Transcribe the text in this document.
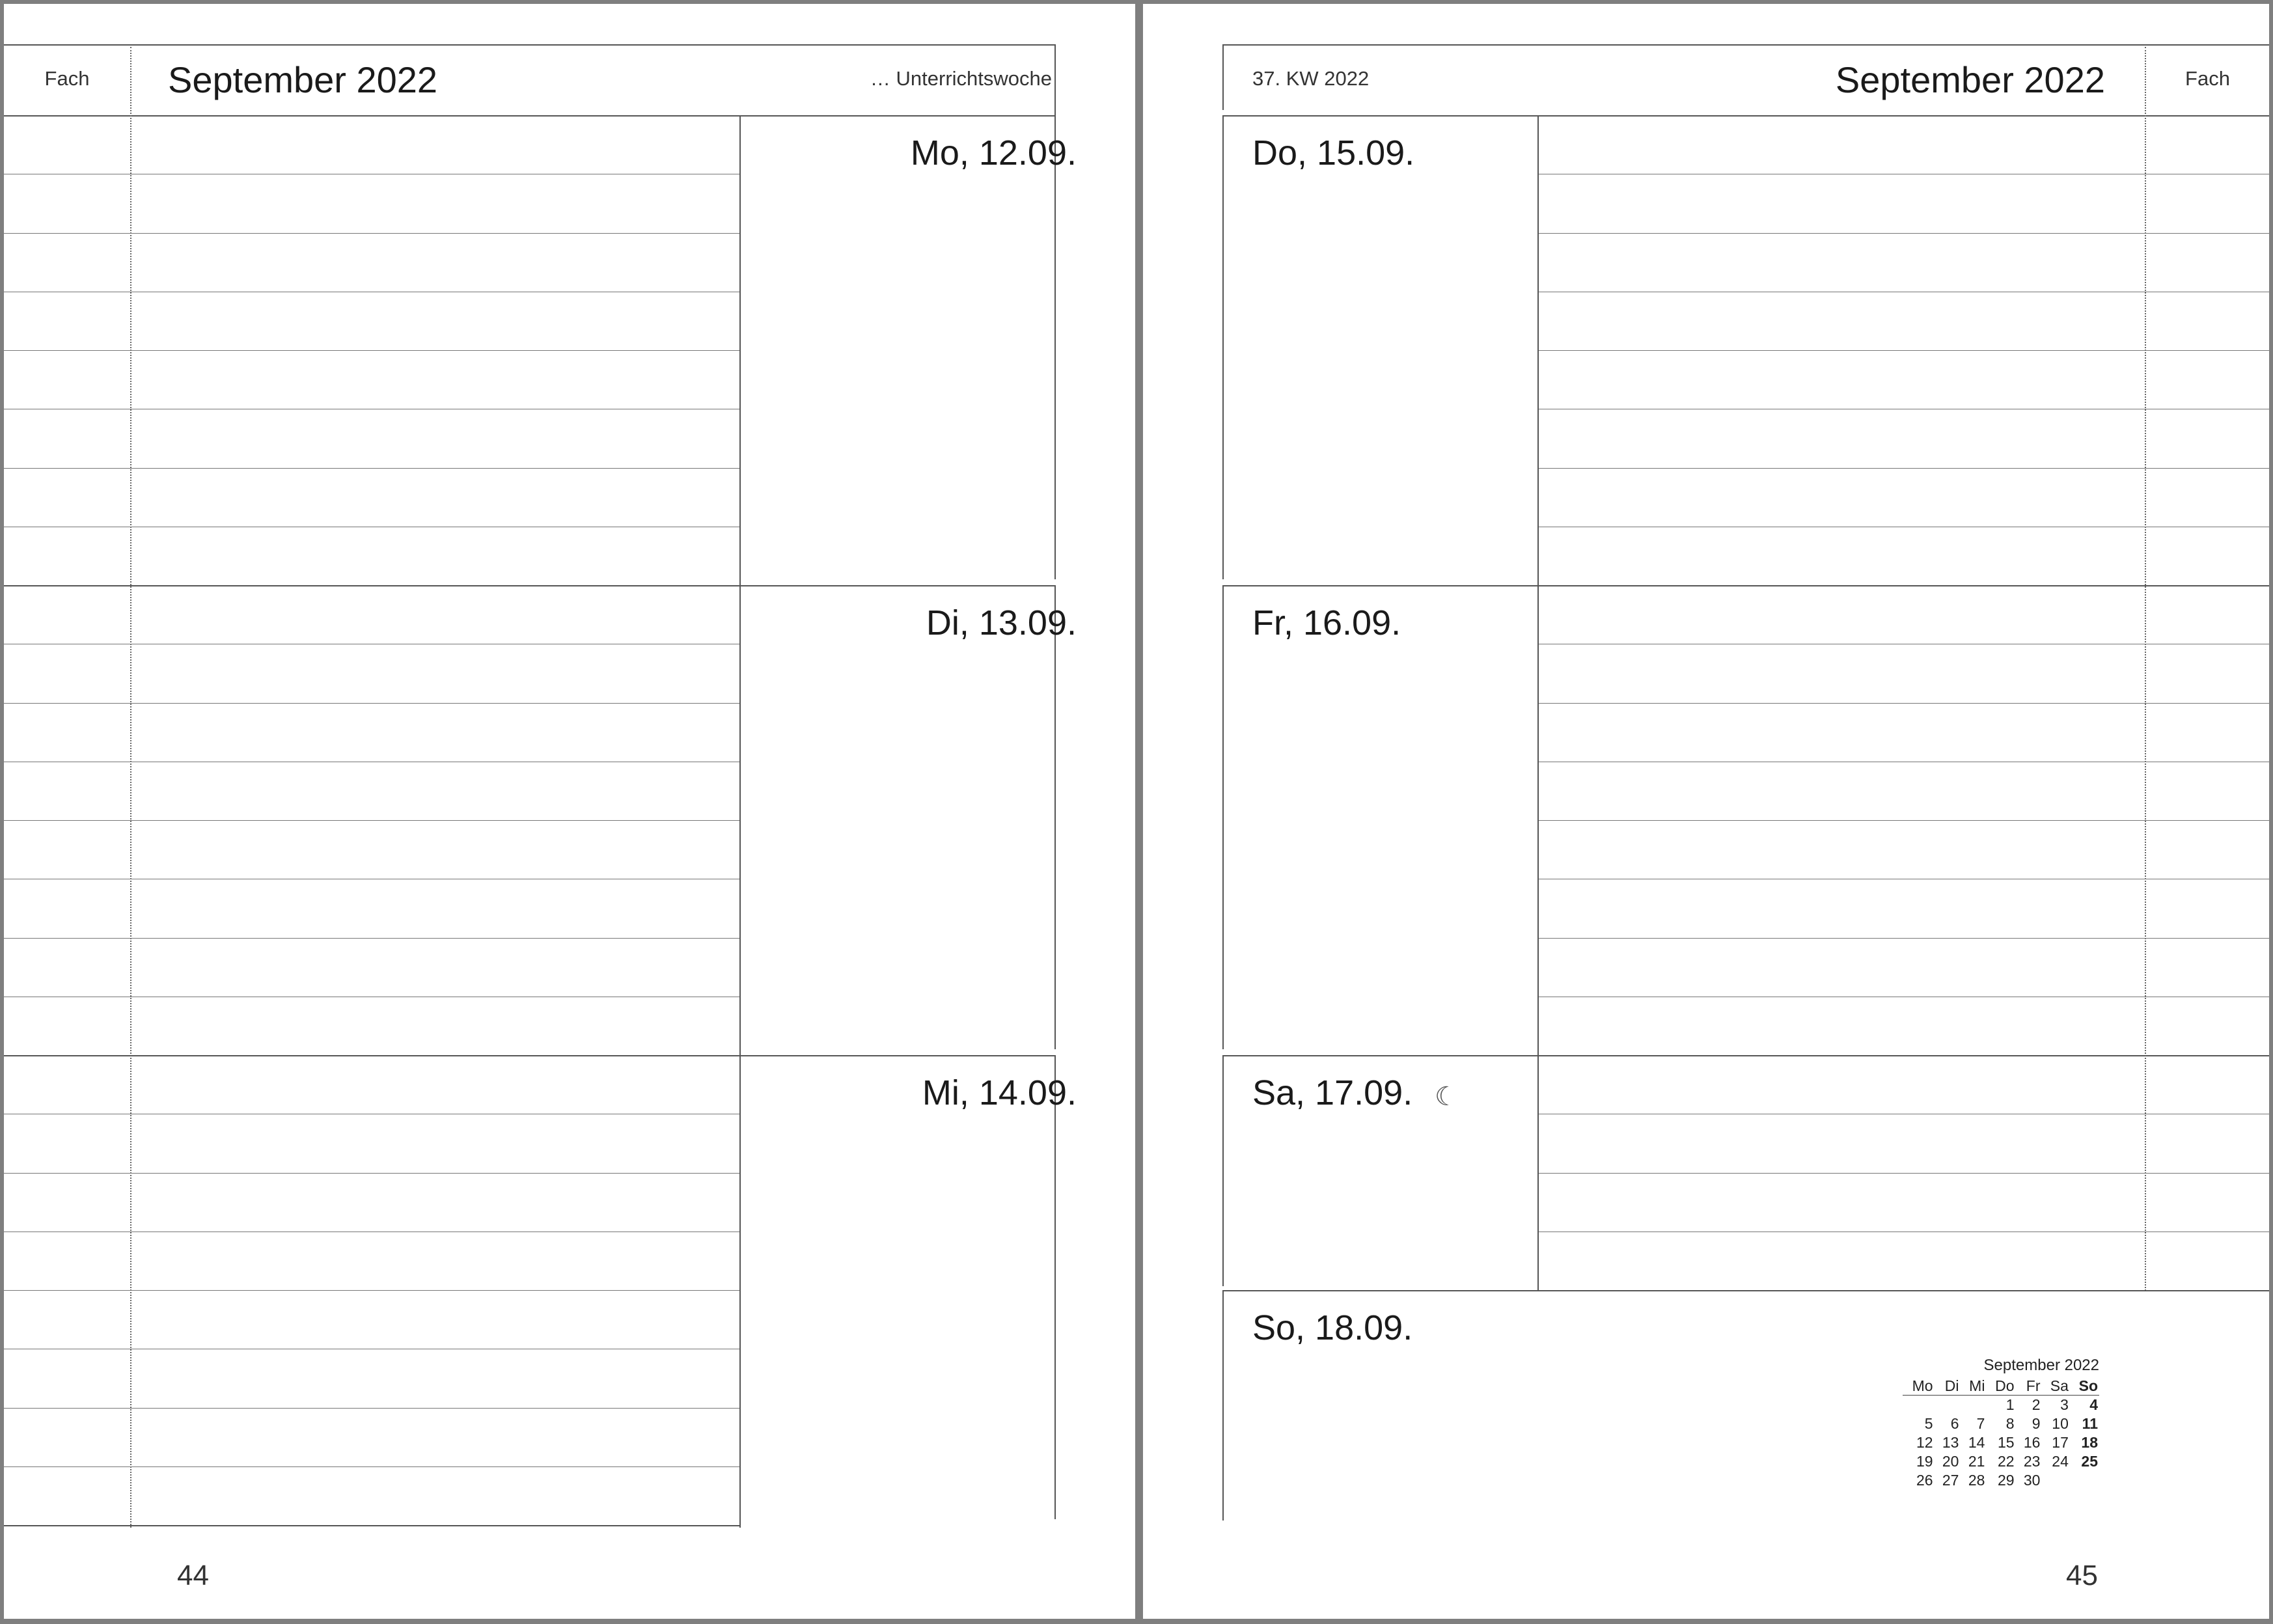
Fach	September 2022	… Unterrichtswoche
Mo, 12.09.
Di, 13.09.
Mi, 14.09.
44
37. KW 2022	September 2022	Fach
Do, 15.09.
Fr, 16.09.
Sa, 17.09. ☾
So, 18.09.
September 2022
Mo	Di	Mi	Do	Fr	Sa	So
			1	2	3	4
5	6	7	8	9	10	11
12	13	14	15	16	17	18
19	20	21	22	23	24	25
26	27	28	29	30		
45
